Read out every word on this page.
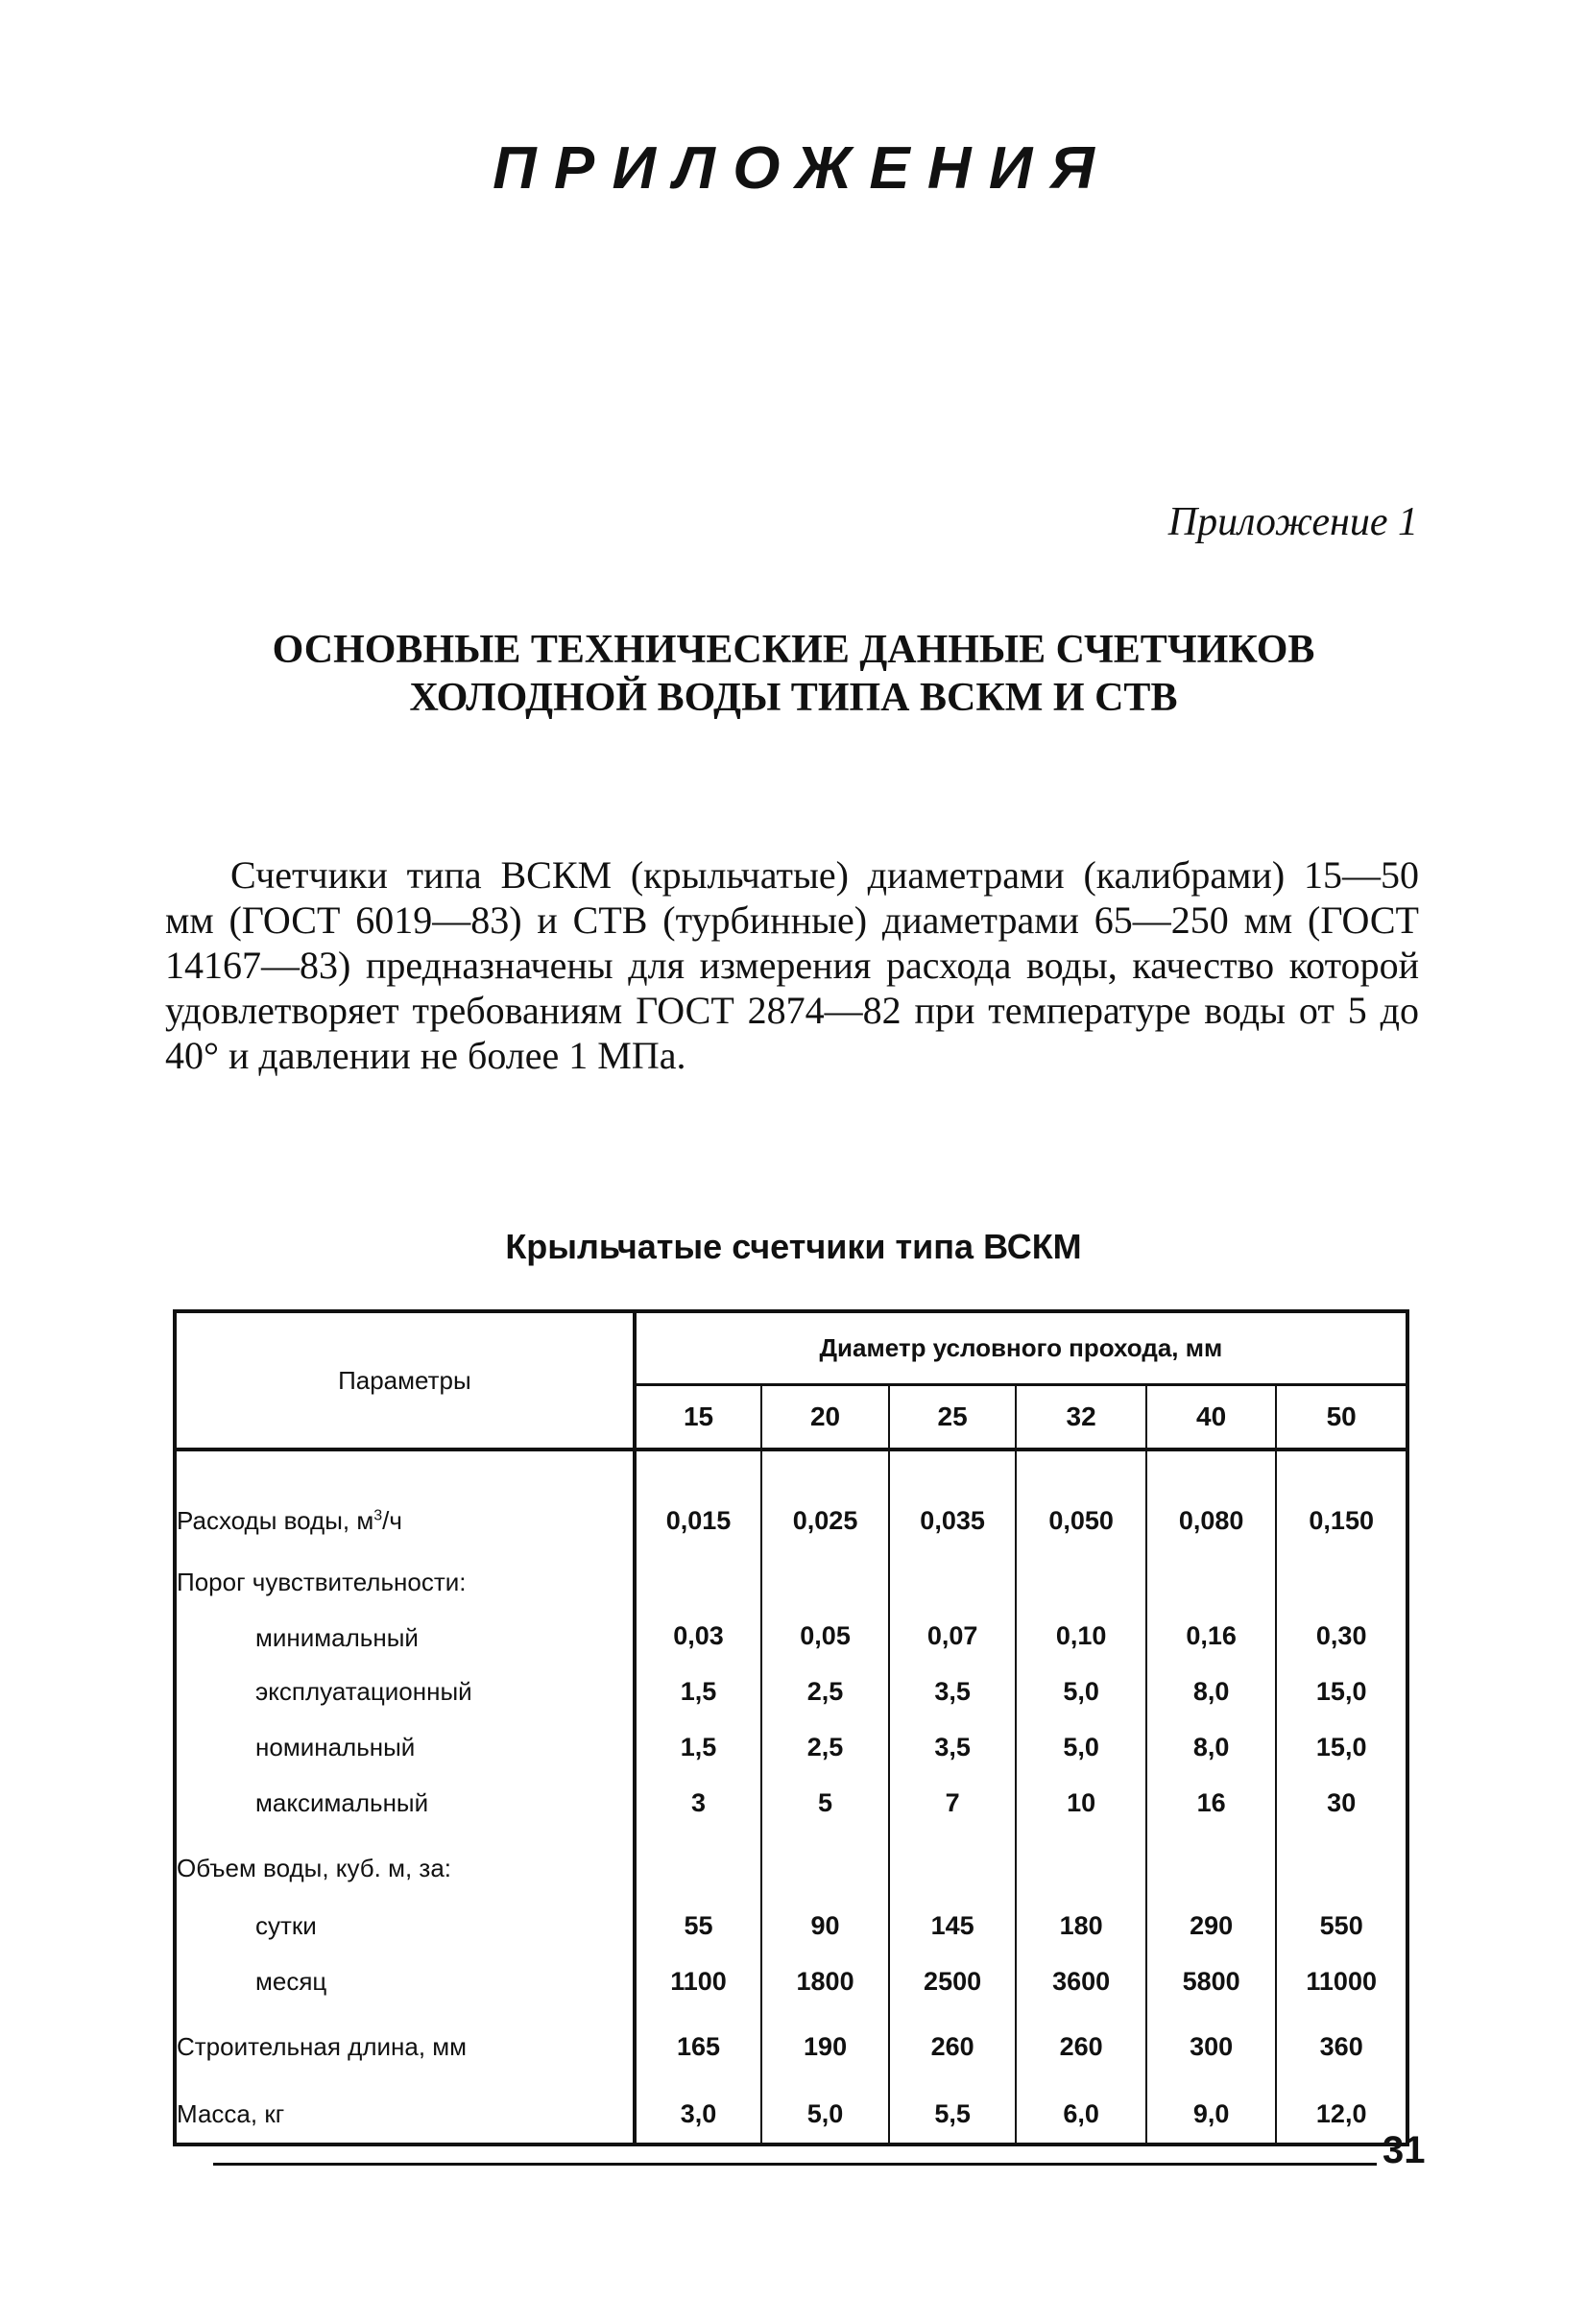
ПРИЛОЖЕНИЯ
Приложение 1
ОСНОВНЫЕ ТЕХНИЧЕСКИЕ ДАННЫЕ СЧЕТЧИКОВ
ХОЛОДНОЙ ВОДЫ ТИПА ВСКМ И СТВ
Счетчики типа ВСКМ (крыльчатые) диаметрами (калибрами) 15—50 мм (ГОСТ 6019—83) и СТВ (турбинные) диаметрами 65—250 мм (ГОСТ 14167—83) предназначены для измерения расхода воды, качество которой удовлетворяет требованиям ГОСТ 2874—82 при температуре воды от 5 до 40° и давлении не более 1 МПа.
Крыльчатые счетчики типа ВСКМ
Параметры	Диаметр условного прохода, мм					
	15	20	25	32	40	50
Расходы воды, $м^3/ч$	0,015	0,025	0,035	0,050	0,080	0,150
Порог чувствительности:						
минимальный	0,03	0,05	0,07	0,10	0,16	0,30
эксплуатационный	1,5	2,5	3,5	5,0	8,0	15,0
номинальный	1,5	2,5	3,5	5,0	8,0	15,0
максимальный	3	5	7	10	16	30
Объем воды, куб. м, за:						
сутки	55	90	145	180	290	550
месяц	1100	1800	2500	3600	5800	11000
Строительная длина, мм	165	190	260	260	300	360
Масса, кг	3,0	5,0	5,5	6,0	9,0	12,0
31
